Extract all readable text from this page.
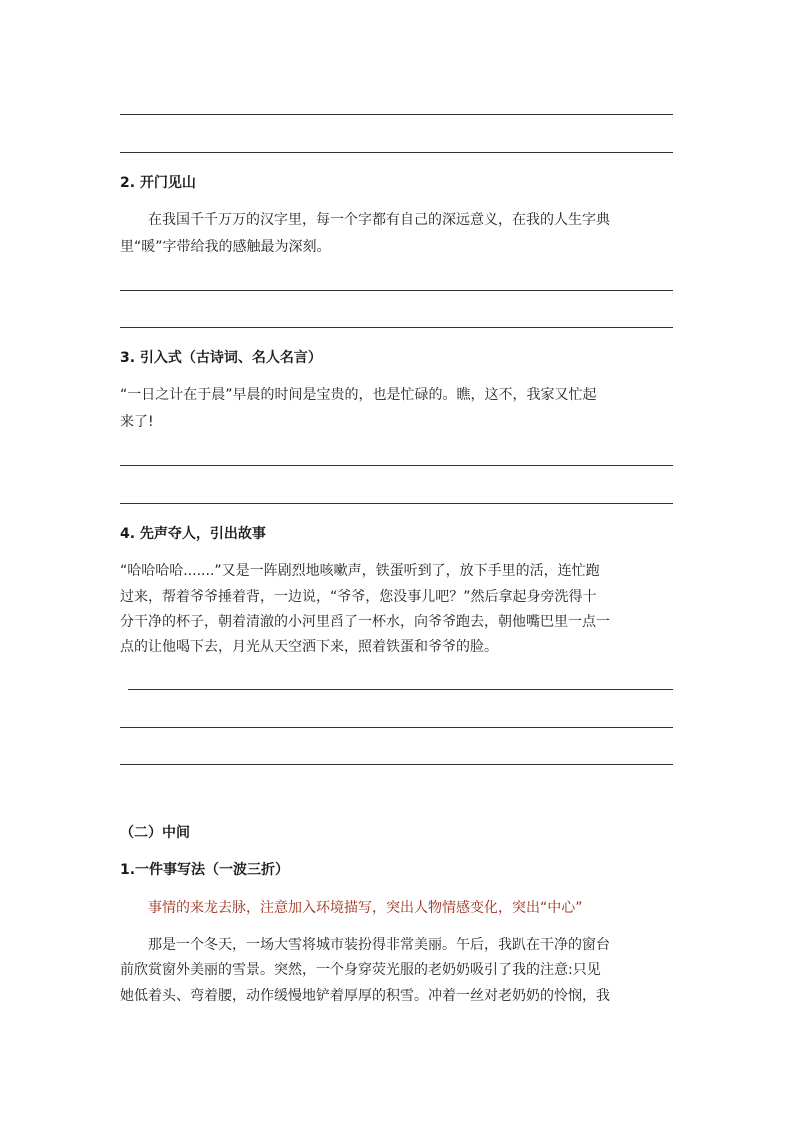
2. 开门见山
在我国千千万万的汉字里，每一个字都有自己的深远意义，在我的人生字典
里“暖”字带给我的感触最为深刻。
3. 引入式（古诗词、名人名言）
“一日之计在于晨”早晨的时间是宝贵的，也是忙碌的。瞧，这不，我家又忙起
来了!
4. 先声夺人，引出故事
“哈哈哈哈.......”又是一阵剧烈地咳嗽声，铁蛋听到了，放下手里的活，连忙跑
过来，帮着爷爷捶着背，一边说，“爷爷，您没事儿吧？”然后拿起身旁洗得十
分干净的杯子，朝着清澈的小河里舀了一杯水，向爷爷跑去，朝他嘴巴里一点一
点的让他喝下去，月光从天空洒下来，照着铁蛋和爷爷的脸。
（二）中间
1.一件事写法（一波三折）
事情的来龙去脉，注意加入环境描写，突出人物情感变化，突出“中心”
那是一个冬天，一场大雪将城市装扮得非常美丽。午后，我趴在干净的窗台
前欣赏窗外美丽的雪景。突然，一个身穿荧光服的老奶奶吸引了我的注意:只见
她低着头、弯着腰，动作缓慢地铲着厚厚的积雪。冲着一丝对老奶奶的怜悯，我
